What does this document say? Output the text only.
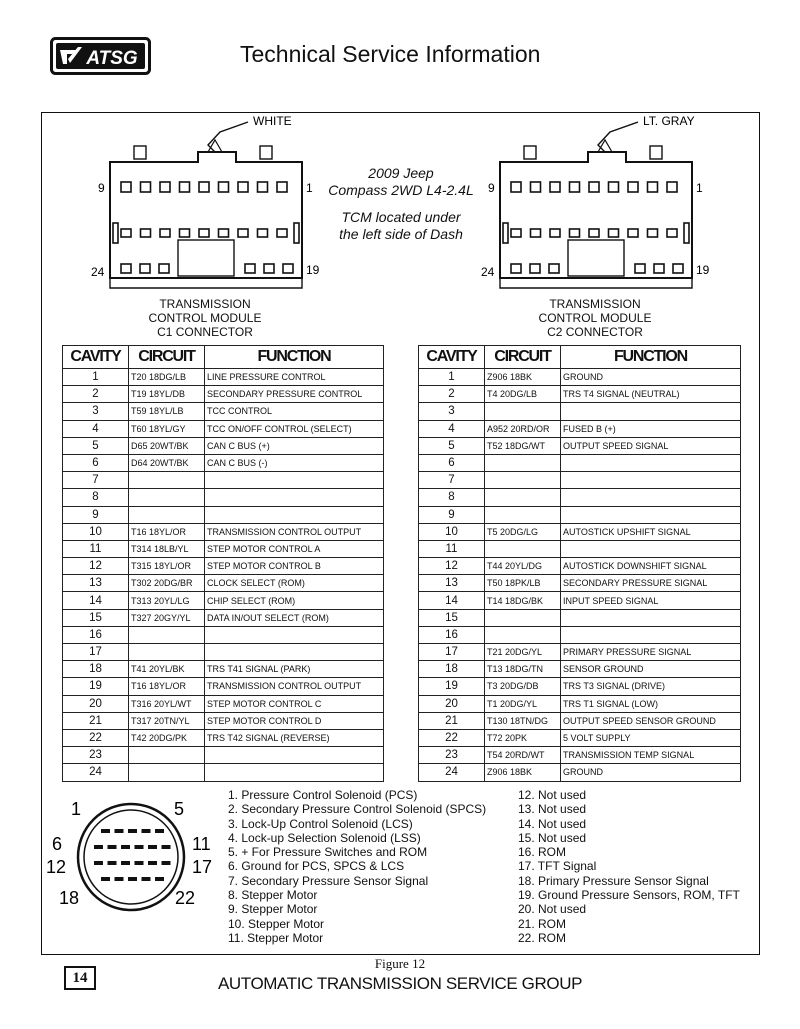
ATSG	Technical Service Information
WHITE
9	1
24	19
TRANSMISSION
CONTROL MODULE
C1 CONNECTOR
LT. GRAY
9	1
24	19
TRANSMISSION
CONTROL MODULE
C2 CONNECTOR
2009 Jeep
Compass 2WD L4-2.4L
TCM located under
the left side of Dash
CAVITY	CIRCUIT	FUNCTION
1	T20 18DG/LB	LINE PRESSURE CONTROL
2	T19 18YL/DB	SECONDARY PRESSURE CONTROL
3	T59 18YL/LB	TCC CONTROL
4	T60 18YL/GY	TCC ON/OFF CONTROL (SELECT)
5	D65 20WT/BK	CAN C BUS (+)
6	D64 20WT/BK	CAN C BUS (-)
7		
8		
9		
10	T16 18YL/OR	TRANSMISSION CONTROL OUTPUT
11	T314 18LB/YL	STEP MOTOR CONTROL A
12	T315 18YL/OR	STEP MOTOR CONTROL B
13	T302 20DG/BR	CLOCK SELECT (ROM)
14	T313 20YL/LG	CHIP SELECT (ROM)
15	T327 20GY/YL	DATA IN/OUT SELECT (ROM)
16		
17		
18	T41 20YL/BK	TRS T41 SIGNAL (PARK)
19	T16 18YL/OR	TRANSMISSION CONTROL OUTPUT
20	T316 20YL/WT	STEP MOTOR CONTROL C
21	T317 20TN/YL	STEP MOTOR CONTROL D
22	T42 20DG/PK	TRS T42 SIGNAL (REVERSE)
23		
24		
CAVITY	CIRCUIT	FUNCTION
1	Z906 18BK	GROUND
2	T4 20DG/LB	TRS T4 SIGNAL (NEUTRAL)
3		
4	A952 20RD/OR	FUSED B (+)
5	T52 18DG/WT	OUTPUT SPEED SIGNAL
6		
7		
8		
9		
10	T5 20DG/LG	AUTOSTICK UPSHIFT SIGNAL
11		
12	T44 20YL/DG	AUTOSTICK DOWNSHIFT SIGNAL
13	T50 18PK/LB	SECONDARY PRESSURE SIGNAL
14	T14 18DG/BK	INPUT SPEED SIGNAL
15		
16		
17	T21 20DG/YL	PRIMARY PRESSURE SIGNAL
18	T13 18DG/TN	SENSOR GROUND
19	T3 20DG/DB	TRS T3 SIGNAL (DRIVE)
20	T1 20DG/YL	TRS T1 SIGNAL (LOW)
21	T130 18TN/DG	OUTPUT SPEED SENSOR GROUND
22	T72 20PK	5 VOLT SUPPLY
23	T54 20RD/WT	TRANSMISSION TEMP SIGNAL
24	Z906 18BK	GROUND
1	5
6	11
12	17
18	22
1. Pressure Control Solenoid (PCS)
2. Secondary Pressure Control Solenoid (SPCS)
3. Lock-Up Control Solenoid (LCS)
4. Lock-up Selection Solenoid (LSS)
5. + For Pressure Switches and ROM
6. Ground for PCS, SPCS & LCS
7. Secondary Pressure Sensor Signal
8. Stepper Motor
9. Stepper Motor
10. Stepper Motor
11. Stepper Motor
12. Not used
13. Not used
14. Not used
15. Not used
16. ROM
17. TFT Signal
18. Primary Pressure Sensor Signal
19. Ground Pressure Sensors, ROM, TFT
20. Not used
21. ROM
22. ROM
Figure 12
14	AUTOMATIC TRANSMISSION SERVICE GROUP
